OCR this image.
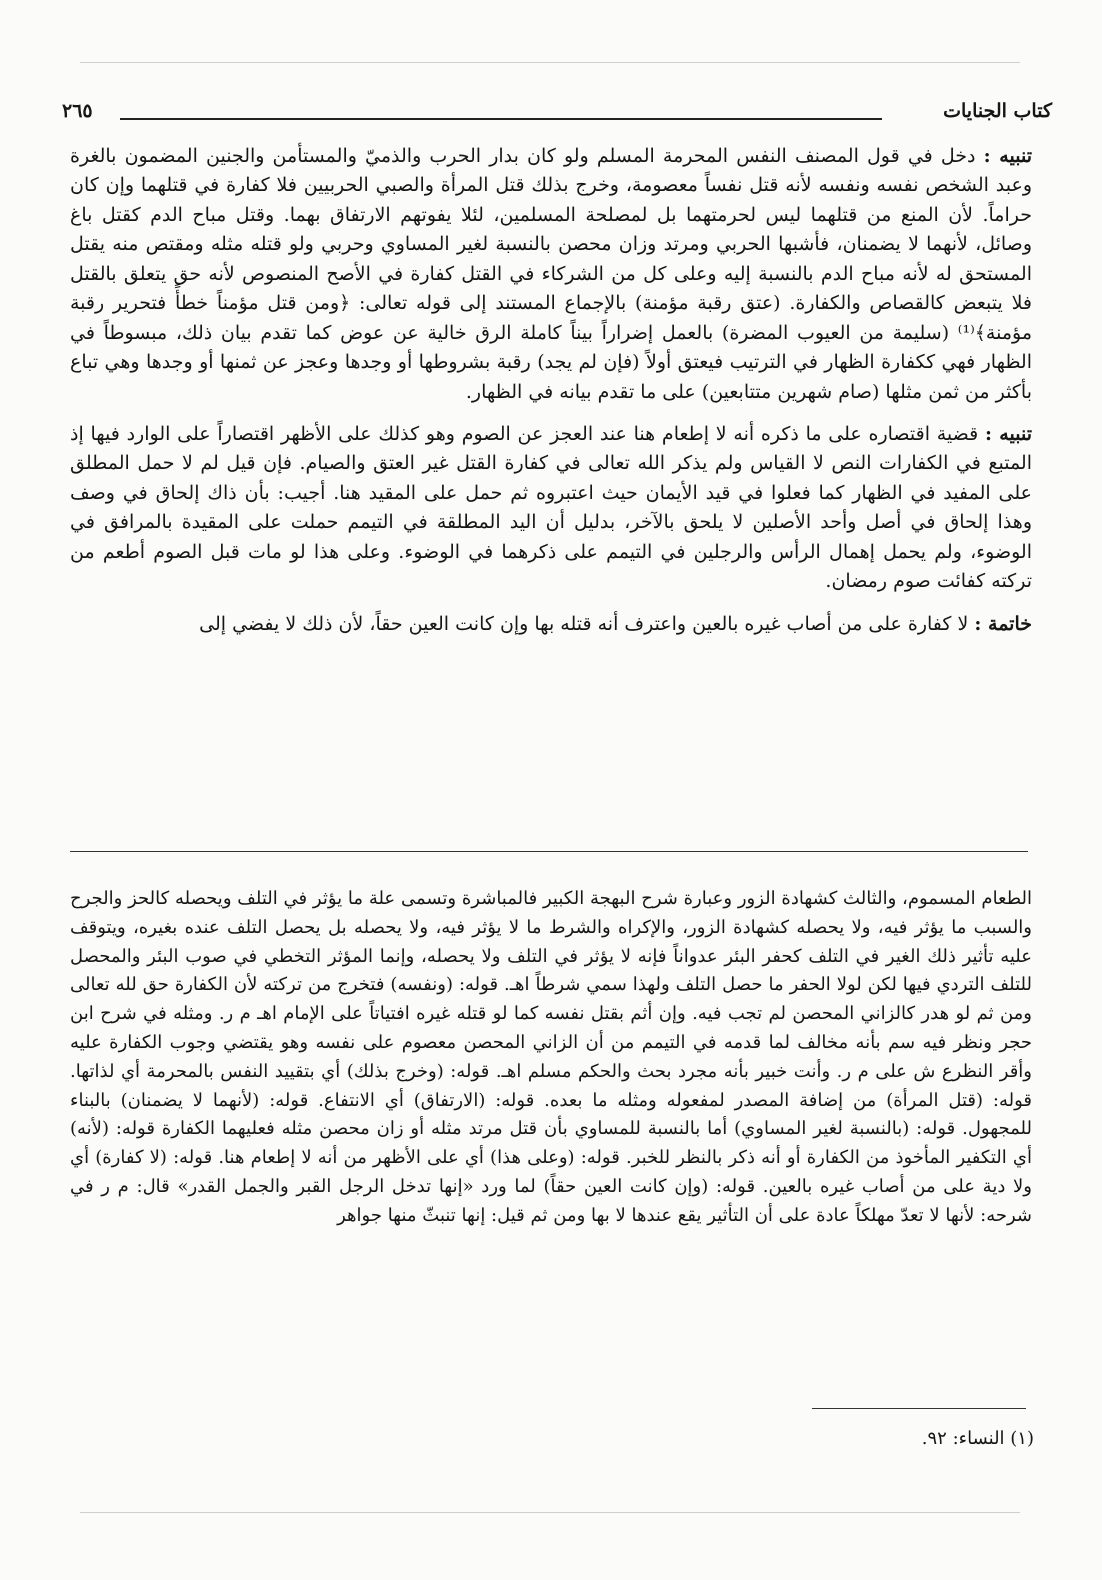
كتاب الجنايات
٢٦٥

تنبيه : دخل في قول المصنف النفس المحرمة المسلم ولو كان بدار الحرب والذميّ والمستأمن والجنين المضمون بالغرة وعبد الشخص نفسه ونفسه لأنه قتل نفساً معصومة، وخرج بذلك قتل المرأة والصبي الحربيين فلا كفارة في قتلهما وإن كان حراماً. لأن المنع من قتلهما ليس لحرمتهما بل لمصلحة المسلمين، لئلا يفوتهم الارتفاق بهما. وقتل مباح الدم كقتل باغ وصائل، لأنهما لا يضمنان، فأشبها الحربي ومرتد وزان محصن بالنسبة لغير المساوي وحربي ولو قتله مثله ومقتص منه يقتل المستحق له لأنه مباح الدم بالنسبة إليه وعلى كل من الشركاء في القتل كفارة في الأصح المنصوص لأنه حق يتعلق بالقتل فلا يتبعض كالقصاص والكفارة. (عتق رقبة مؤمنة) بالإجماع المستند إلى قوله تعالى: ﴿ومن قتل مؤمناً خطأً فتحرير رقبة مؤمنة﴾⁽¹⁾ (سليمة من العيوب المضرة) بالعمل إضراراً بيناً كاملة الرق خالية عن عوض كما تقدم بيان ذلك، مبسوطاً في الظهار فهي ككفارة الظهار في الترتيب فيعتق أولاً (فإن لم يجد) رقبة بشروطها أو وجدها وعجز عن ثمنها أو وجدها وهي تباع بأكثر من ثمن مثلها (صام شهرين متتابعين) على ما تقدم بيانه في الظهار.

تنبيه : قضية اقتصاره على ما ذكره أنه لا إطعام هنا عند العجز عن الصوم وهو كذلك على الأظهر اقتصاراً على الوارد فيها إذ المتبع في الكفارات النص لا القياس ولم يذكر الله تعالى في كفارة القتل غير العتق والصيام. فإن قيل لم لا حمل المطلق على المفيد في الظهار كما فعلوا في قيد الأيمان حيث اعتبروه ثم حمل على المقيد هنا. أجيب: بأن ذاك إلحاق في وصف وهذا إلحاق في أصل وأحد الأصلين لا يلحق بالآخر، بدليل أن اليد المطلقة في التيمم حملت على المقيدة بالمرافق في الوضوء، ولم يحمل إهمال الرأس والرجلين في التيمم على ذكرهما في الوضوء. وعلى هذا لو مات قبل الصوم أطعم من تركته كفائت صوم رمضان.

خاتمة : لا كفارة على من أصاب غيره بالعين واعترف أنه قتله بها وإن كانت العين حقاً، لأن ذلك لا يفضي إلى

الطعام المسموم، والثالث كشهادة الزور وعبارة شرح البهجة الكبير فالمباشرة وتسمى علة ما يؤثر في التلف ويحصله كالحز والجرح والسبب ما يؤثر فيه، ولا يحصله كشهادة الزور، والإكراه والشرط ما لا يؤثر فيه، ولا يحصله بل يحصل التلف عنده بغيره، ويتوقف عليه تأثير ذلك الغير في التلف كحفر البئر عدواناً فإنه لا يؤثر في التلف ولا يحصله، وإنما المؤثر التخطي في صوب البئر والمحصل للتلف التردي فيها لكن لولا الحفر ما حصل التلف ولهذا سمي شرطاً اهـ. قوله: (ونفسه) فتخرج من تركته لأن الكفارة حق لله تعالى ومن ثم لو هدر كالزاني المحصن لم تجب فيه. وإن أثم بقتل نفسه كما لو قتله غيره افتياتاً على الإمام اهـ م ر. ومثله في شرح ابن حجر ونظر فيه سم بأنه مخالف لما قدمه في التيمم من أن الزاني المحصن معصوم على نفسه وهو يقتضي وجوب الكفارة عليه وأقر النظرع ش على م ر. وأنت خبير بأنه مجرد بحث والحكم مسلم اهـ. قوله: (وخرج بذلك) أي بتقييد النفس بالمحرمة أي لذاتها. قوله: (قتل المرأة) من إضافة المصدر لمفعوله ومثله ما بعده. قوله: (الارتفاق) أي الانتفاع. قوله: (لأنهما لا يضمنان) بالبناء للمجهول. قوله: (بالنسبة لغير المساوي) أما بالنسبة للمساوي بأن قتل مرتد مثله أو زان محصن مثله فعليهما الكفارة قوله: (لأنه) أي التكفير المأخوذ من الكفارة أو أنه ذكر بالنظر للخبر. قوله: (وعلى هذا) أي على الأظهر من أنه لا إطعام هنا. قوله: (لا كفارة) أي ولا دية على من أصاب غيره بالعين. قوله: (وإن كانت العين حقاً) لما ورد «إنها تدخل الرجل القبر والجمل القدر» قال: م ر في شرحه: لأنها لا تعدّ مهلكاً عادة على أن التأثير يقع عندها لا بها ومن ثم قيل: إنها تنبثّ منها جواهر

(١) النساء: ٩٢.
